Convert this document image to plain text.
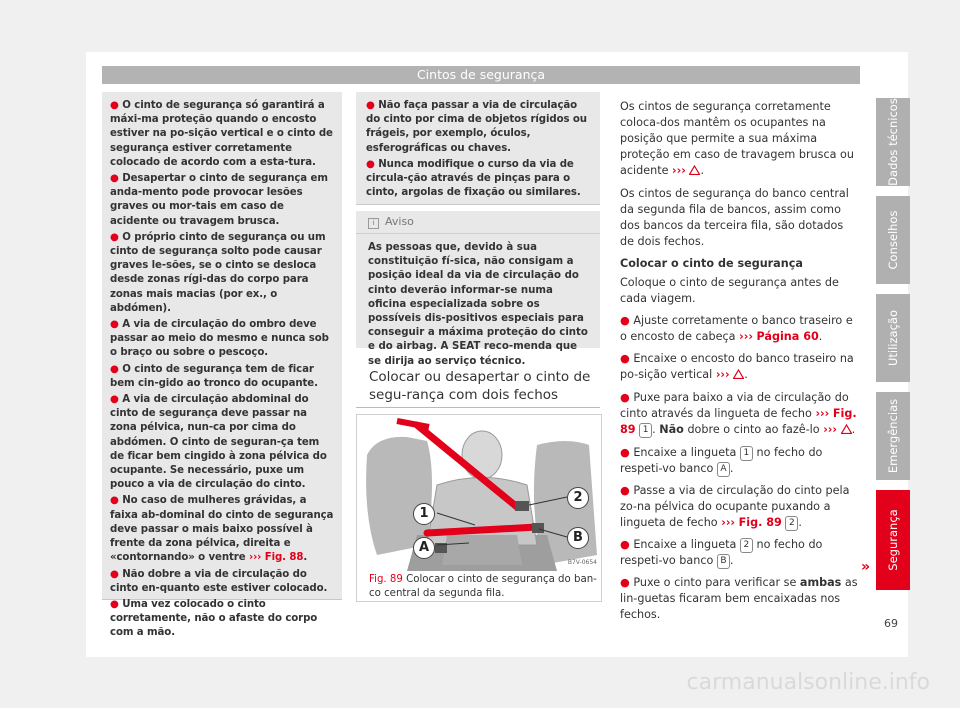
Cintos de segurança

● O cinto de segurança só garantirá a máxi-ma proteção quando o encosto estiver na po-sição vertical e o cinto de segurança estiver corretamente colocado de acordo com a esta-tura.

● Desapertar o cinto de segurança em anda-mento pode provocar lesões graves ou mor-tais em caso de acidente ou travagem brusca.

● O próprio cinto de segurança ou um cinto de segurança solto pode causar graves le-sões, se o cinto se desloca desde zonas rígi-das do corpo para zonas mais macias (por ex., o abdómen).

● A via de circulação do ombro deve passar ao meio do mesmo e nunca sob o braço ou sobre o pescoço.

● O cinto de segurança tem de ficar bem cin-gido ao tronco do ocupante.

● A via de circulação abdominal do cinto de segurança deve passar na zona pélvica, nun-ca por cima do abdómen. O cinto de seguran-ça tem de ficar bem cingido à zona pélvica do ocupante. Se necessário, puxe um pouco a via de circulação do cinto.

● No caso de mulheres grávidas, a faixa ab-dominal do cinto de segurança deve passar o mais baixo possível à frente da zona pélvica, direita e «contornando» o ventre ››› Fig. 88.

● Não dobre a via de circulação do cinto en-quanto este estiver colocado.

● Uma vez colocado o cinto corretamente, não o afaste do corpo com a mão.

● Não faça passar a via de circulação do cinto por cima de objetos rígidos ou frágeis, por exemplo, óculos, esferográficas ou chaves.

● Nunca modifique o curso da via de circula-ção através de pinças para o cinto, argolas de fixação ou similares.

i Aviso
As pessoas que, devido à sua constituição fí-sica, não consigam a posição ideal da via de circulação do cinto deverão informar-se numa oficina especializada sobre os possíveis dis-positivos especiais para conseguir a máxima proteção do cinto e do airbag. A SEAT reco-menda que se dirija ao serviço técnico.
Colocar ou desapertar o cinto de segu-rança com dois fechos
1
2
A
B
B7V-0654
Fig. 89 Colocar o cinto de segurança do ban-co central da segunda fila.

Os cintos de segurança corretamente coloca-dos mantêm os ocupantes na posição que permite a sua máxima proteção em caso de travagem brusca ou acidente ››› .

Os cintos de segurança do banco central da segunda fila de bancos, assim como dos bancos da terceira fila, são dotados de dois fechos.

Colocar o cinto de segurança

Coloque o cinto de segurança antes de cada viagem.

● Ajuste corretamente o banco traseiro e o encosto de cabeça ››› Página 60.

● Encaixe o encosto do banco traseiro na po-sição vertical ››› .

● Puxe para baixo a via de circulação do cinto através da lingueta de fecho ››› Fig. 89 1 . Não dobre o cinto ao fazê-lo ››› .

● Encaixe a lingueta 1 no fecho do respeti-vo banco A .

● Passe a via de circulação do cinto pela zo-na pélvica do ocupante puxando a lingueta de fecho ››› Fig. 89 2 .

● Encaixe a lingueta 2 no fecho do respeti-vo banco B .

● Puxe o cinto para verificar se ambas as lin-guetas ficaram bem encaixadas nos fechos.

»
Dados técnicos
Conselhos
Utilização
Emergências
Segurança
69
carmanualsonline.info
